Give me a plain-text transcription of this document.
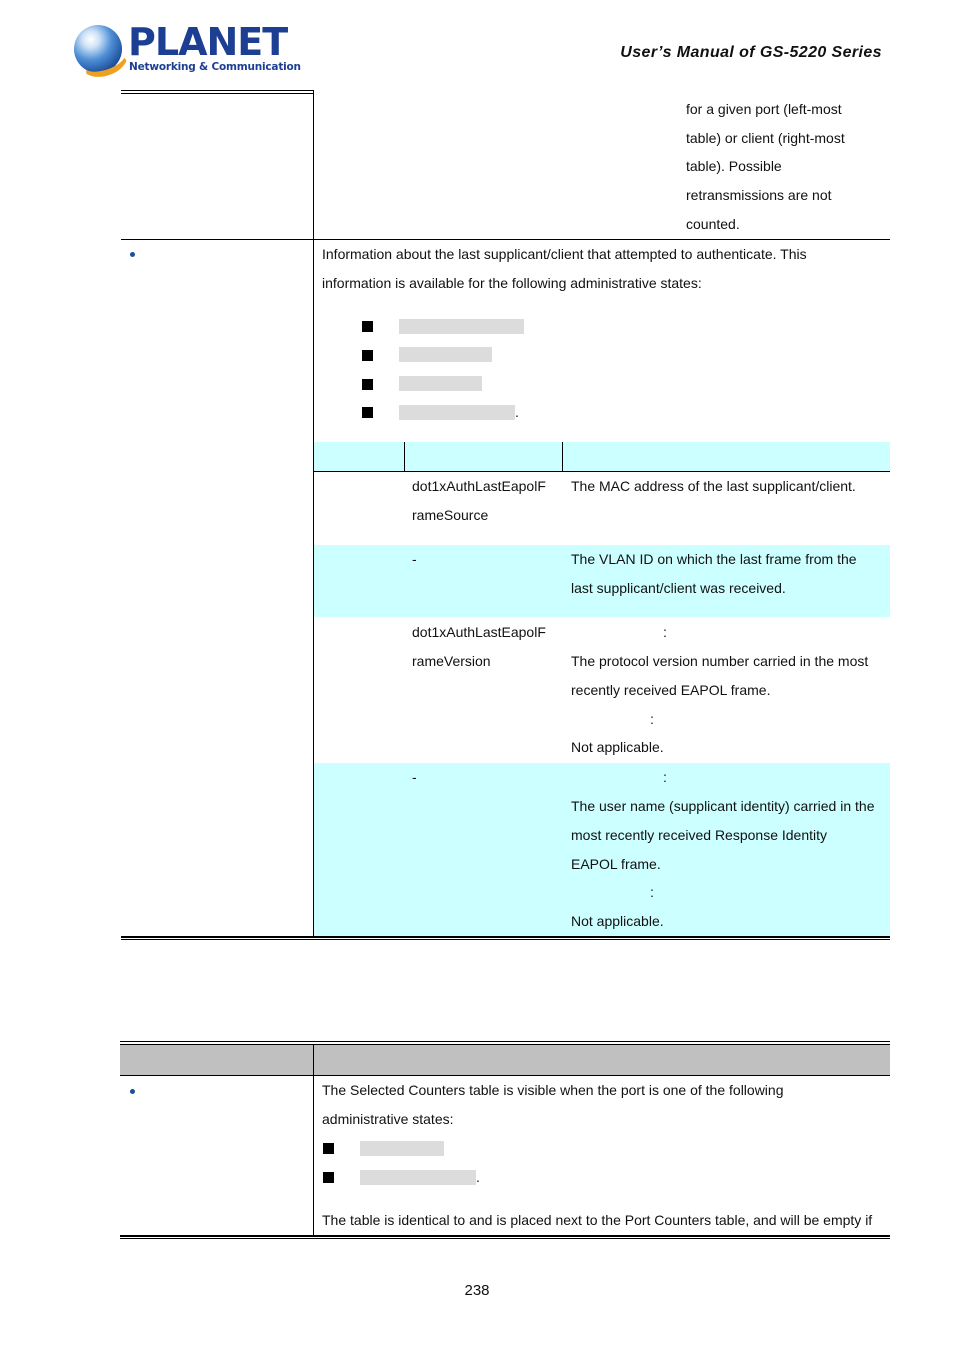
PLANET
Networking & Communication
User’s Manual of GS-5220 Series
for a given port (left-most
table) or client (right-most
table). Possible
retransmissions are not
counted.
Information about the last supplicant/client that attempted to authenticate. This
information is available for the following administrative states:
.
dot1xAuthLastEapolF
rameSource
The MAC address of the last supplicant/client.
-	The VLAN ID on which the last frame from the
last supplicant/client was received.
dot1xAuthLastEapolF
rameVersion
:
The protocol version number carried in the most
recently received EAPOL frame.
:
Not applicable.
-	:
The user name (supplicant identity) carried in the
most recently received Response Identity
EAPOL frame.
:
Not applicable.
The Selected Counters table is visible when the port is one of the following
administrative states:
.
The table is identical to and is placed next to the Port Counters table, and will be empty if
238
